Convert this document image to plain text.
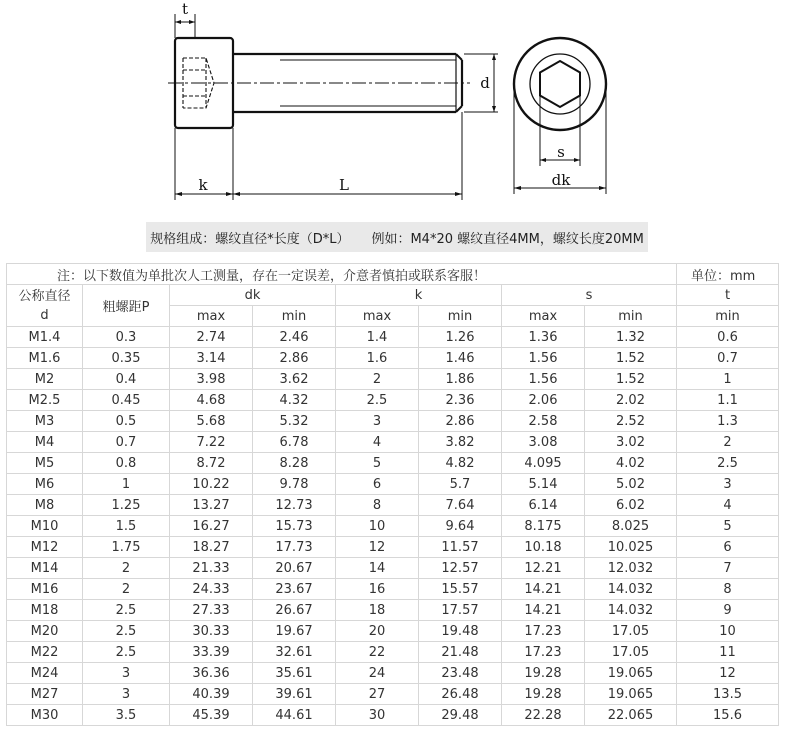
t
d
k	L
s
dk
规格组成：螺纹直径*长度（D*L） 例如：M4*20 螺纹直径4MM，螺纹长度20MM
注：以下数值为单批次人工测量，存在一定误差，介意者慎拍或联系客服！								单位：mm

公称直径
d	粗螺距P	dk		k		s		t
		max	min	max	min	max	min	min
M1.4	0.3	2.74	2.46	1.4	1.26	1.36	1.32	0.6
M1.6	0.35	3.14	2.86	1.6	1.46	1.56	1.52	0.7
M2	0.4	3.98	3.62	2	1.86	1.56	1.52	1
M2.5	0.45	4.68	4.32	2.5	2.36	2.06	2.02	1.1
M3	0.5	5.68	5.32	3	2.86	2.58	2.52	1.3
M4	0.7	7.22	6.78	4	3.82	3.08	3.02	2
M5	0.8	8.72	8.28	5	4.82	4.095	4.02	2.5
M6	1	10.22	9.78	6	5.7	5.14	5.02	3
M8	1.25	13.27	12.73	8	7.64	6.14	6.02	4
M10	1.5	16.27	15.73	10	9.64	8.175	8.025	5
M12	1.75	18.27	17.73	12	11.57	10.18	10.025	6
M14	2	21.33	20.67	14	12.57	12.21	12.032	7
M16	2	24.33	23.67	16	15.57	14.21	14.032	8
M18	2.5	27.33	26.67	18	17.57	14.21	14.032	9
M20	2.5	30.33	19.67	20	19.48	17.23	17.05	10
M22	2.5	33.39	32.61	22	21.48	17.23	17.05	11
M24	3	36.36	35.61	24	23.48	19.28	19.065	12
M27	3	40.39	39.61	27	26.48	19.28	19.065	13.5
M30	3.5	45.39	44.61	30	29.48	22.28	22.065	15.6
